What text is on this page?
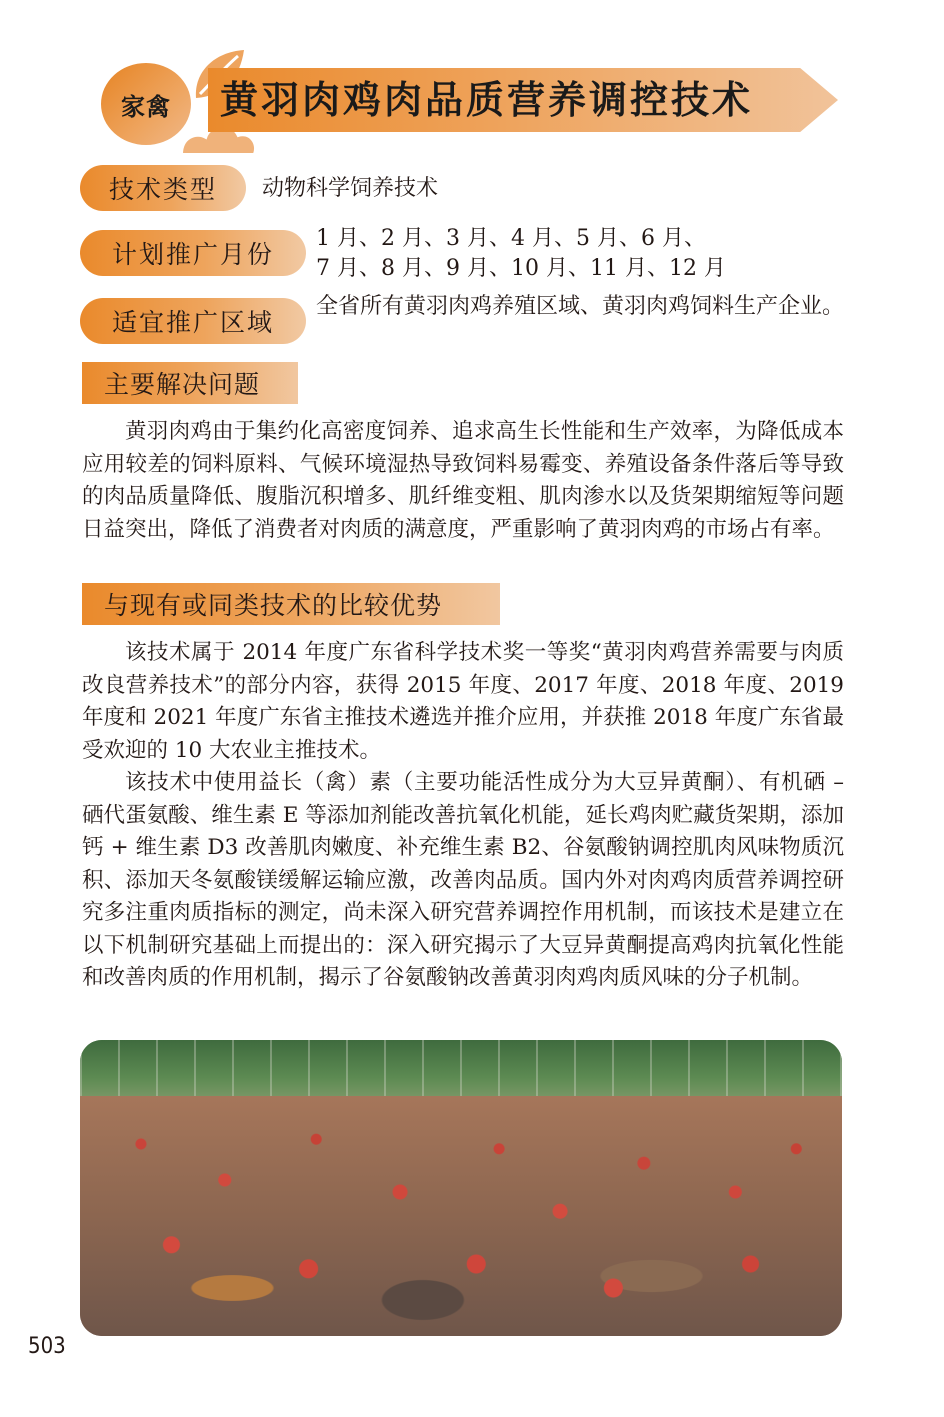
黄羽肉鸡肉品质营养调控技术
家禽
技术类型	动物科学饲养技术
计划推广月份
1 月、2 月、3 月、4 月、5 月、6 月、
7 月、8 月、9 月、10 月、11 月、12 月
适宜推广区域
全省所有黄羽肉鸡养殖区域、黄羽肉鸡饲料生产企业。
主要解决问题

黄羽肉鸡由于集约化高密度饲养、追求高生长性能和生产效率，为降低成本应用较差的饲料原料、气候环境湿热导致饲料易霉变、养殖设备条件落后等导致的肉品质量降低、腹脂沉积增多、肌纤维变粗、肌肉渗水以及货架期缩短等问题日益突出，降低了消费者对肉质的满意度，严重影响了黄羽肉鸡的市场占有率。

与现有或同类技术的比较优势

该技术属于 2014 年度广东省科学技术奖一等奖“黄羽肉鸡营养需要与肉质改良营养技术”的部分内容，获得 2015 年度、2017 年度、2018 年度、2019 年度和 2021 年度广东省主推技术遴选并推介应用，并获推 2018 年度广东省最受欢迎的 10 大农业主推技术。

该技术中使用益长（禽）素（主要功能活性成分为大豆异黄酮）、有机硒 – 硒代蛋氨酸、维生素 E 等添加剂能改善抗氧化机能，延长鸡肉贮藏货架期，添加钙 + 维生素 D3 改善肌肉嫩度、补充维生素 B2、谷氨酸钠调控肌肉风味物质沉积、添加天冬氨酸镁缓解运输应激，改善肉品质。国内外对肉鸡肉质营养调控研究多注重肉质指标的测定，尚未深入研究营养调控作用机制，而该技术是建立在以下机制研究基础上而提出的：深入研究揭示了大豆异黄酮提高鸡肉抗氧化性能和改善肉质的作用机制，揭示了谷氨酸钠改善黄羽肉鸡肉质风味的分子机制。

503
